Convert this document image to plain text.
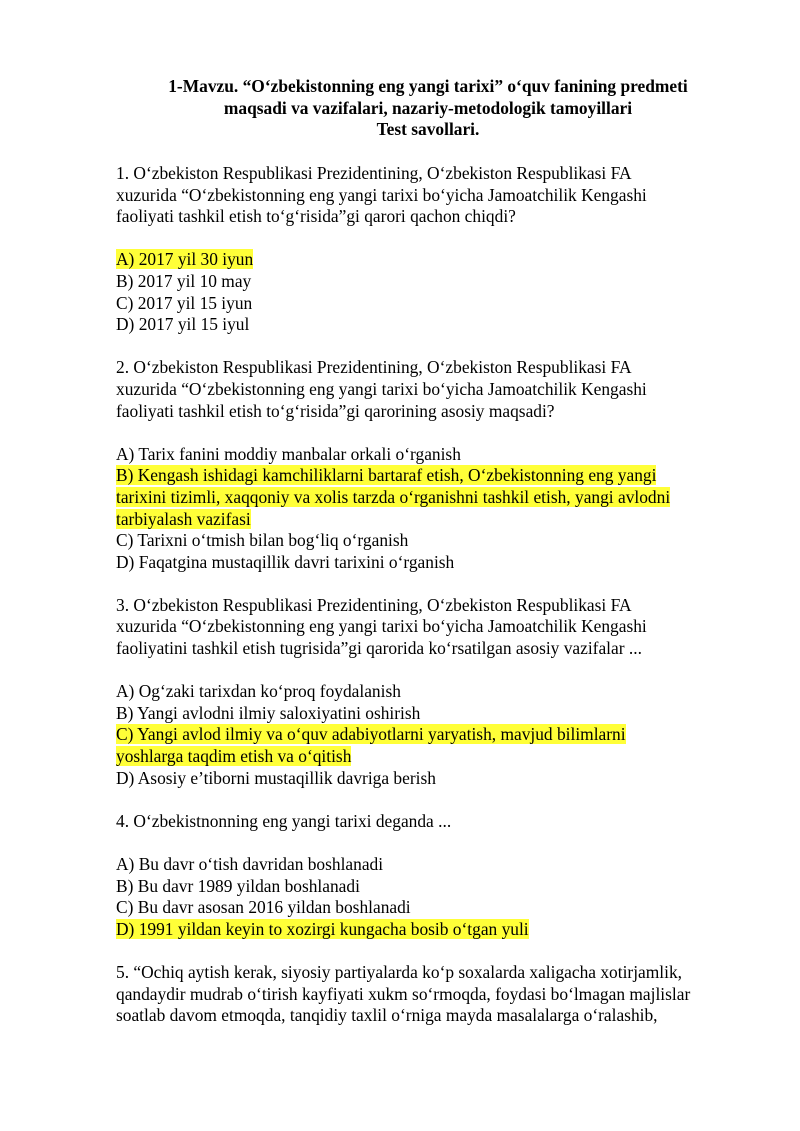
1-Mavzu. “O‘zbekistonning eng yangi tarixi” o‘quv fanining predmeti
maqsadi va vazifalari, nazariy-metodologik tamoyillari
Test savollari.
1. O‘zbekiston Respublikasi Prezidentining, O‘zbekiston Respublikasi FA
xuzurida “O‘zbekistonning eng yangi tarixi bo‘yicha Jamoatchilik Kengashi
faoliyati tashkil etish to‘g‘risida”gi qarori qachon chiqdi?
A) 2017 yil 30 iyun
B) 2017 yil 10 may
C) 2017 yil 15 iyun
D) 2017 yil 15 iyul
2. O‘zbekiston Respublikasi Prezidentining, O‘zbekiston Respublikasi FA
xuzurida “O‘zbekistonning eng yangi tarixi bo‘yicha Jamoatchilik Kengashi
faoliyati tashkil etish to‘g‘risida”gi qarorining asosiy maqsadi?
A) Tarix fanini moddiy manbalar orkali o‘rganish
B) Kengash ishidagi kamchiliklarni bartaraf etish, O‘zbekistonning eng yangi
tarixini tizimli, xaqqoniy va xolis tarzda o‘rganishni tashkil etish, yangi avlodni
tarbiyalash vazifasi
C) Tarixni o‘tmish bilan bog‘liq o‘rganish
D) Faqatgina mustaqillik davri tarixini o‘rganish
3. O‘zbekiston Respublikasi Prezidentining, O‘zbekiston Respublikasi FA
xuzurida “O‘zbekistonning eng yangi tarixi bo‘yicha Jamoatchilik Kengashi
faoliyatini tashkil etish tugrisida”gi qarorida ko‘rsatilgan asosiy vazifalar ...
A) Og‘zaki tarixdan ko‘proq foydalanish
B) Yangi avlodni ilmiy saloxiyatini oshirish
C) Yangi avlod ilmiy va o‘quv adabiyotlarni yaryatish, mavjud bilimlarni
yoshlarga taqdim etish va o‘qitish
D) Asosiy e’tiborni mustaqillik davriga berish
4. O‘zbekistnonning eng yangi tarixi deganda ...
A) Bu davr o‘tish davridan boshlanadi
B) Bu davr 1989 yildan boshlanadi
C) Bu davr asosan 2016 yildan boshlanadi
D) 1991 yildan keyin to xozirgi kungacha bosib o‘tgan yuli
5. “Ochiq aytish kerak, siyosiy partiyalarda ko‘p soxalarda xaligacha xotirjamlik,
qandaydir mudrab o‘tirish kayfiyati xukm so‘rmoqda, foydasi bo‘lmagan majlislar
soatlab davom etmoqda, tanqidiy taxlil o‘rniga mayda masalalarga o‘ralashib,
